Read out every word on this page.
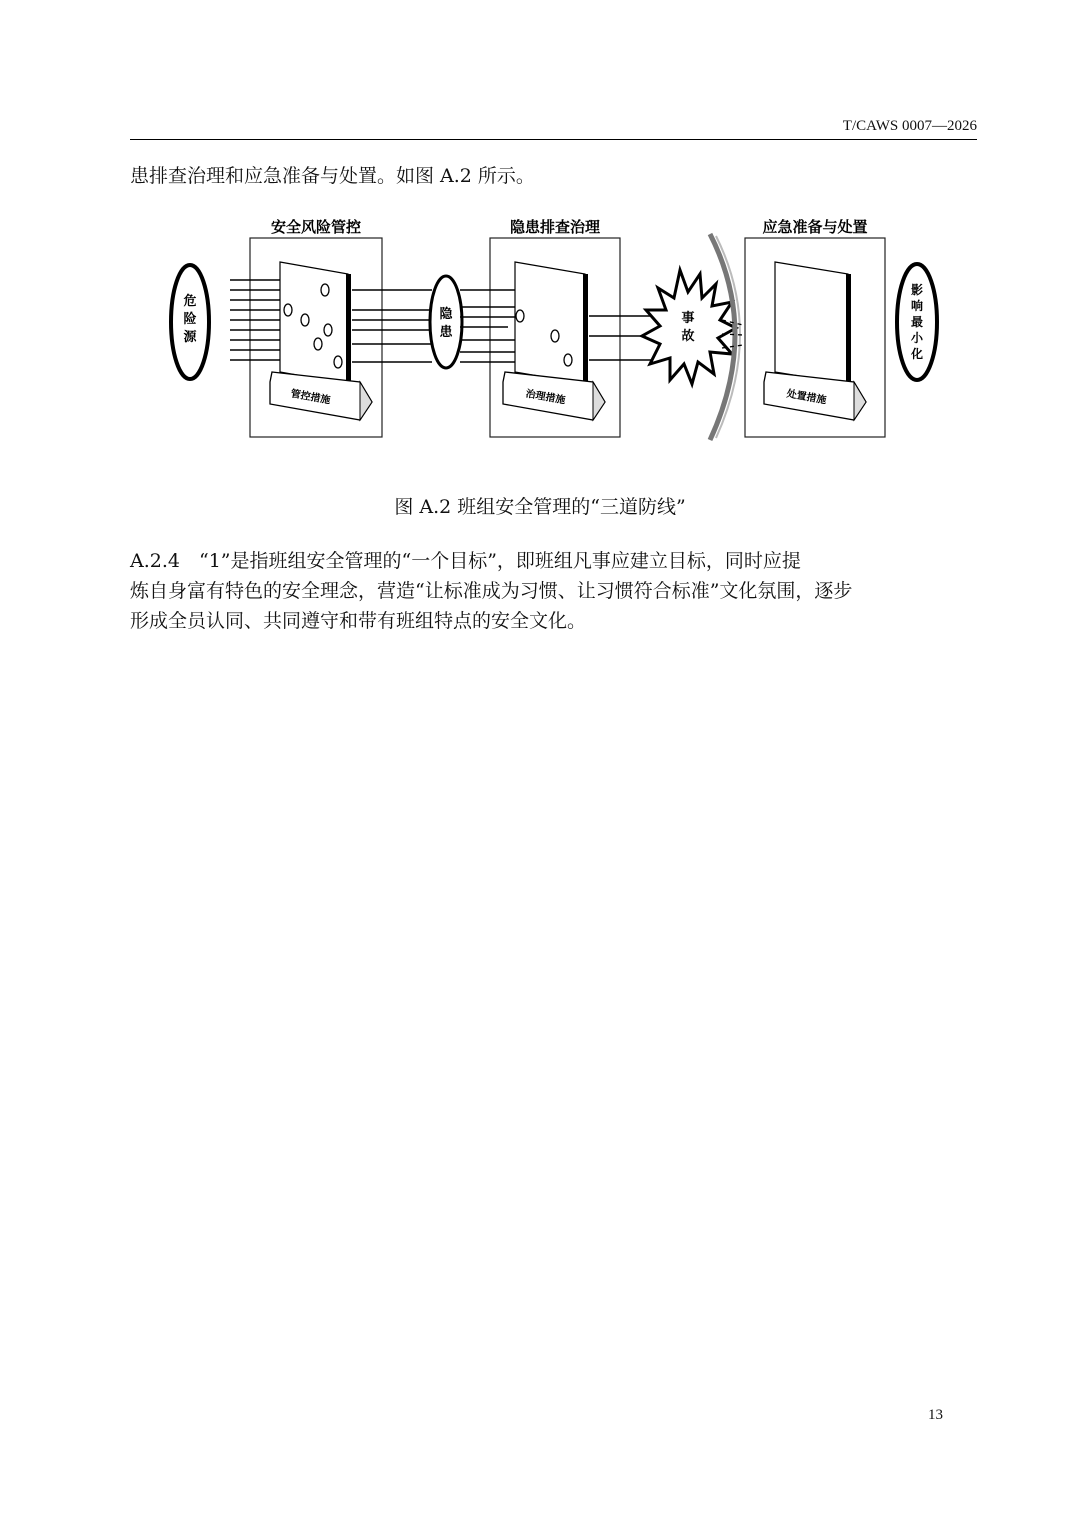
T/CAWS 0007—2026
患排查治理和应急准备与处置。如图 A.2 所示。
危
险
源
安全风险管控
管控措施
隐
患
隐患排查治理
治理措施
事
故
应急准备与处置
处置措施
影
响
最
小
化
图 A.2 班组安全管理的“三道防线”
A.2.4　“1”是指班组安全管理的“一个目标”，即班组凡事应建立目标，同时应提
炼自身富有特色的安全理念，营造“让标准成为习惯、让习惯符合标准”文化氛围，逐步
形成全员认同、共同遵守和带有班组特点的安全文化。
13
